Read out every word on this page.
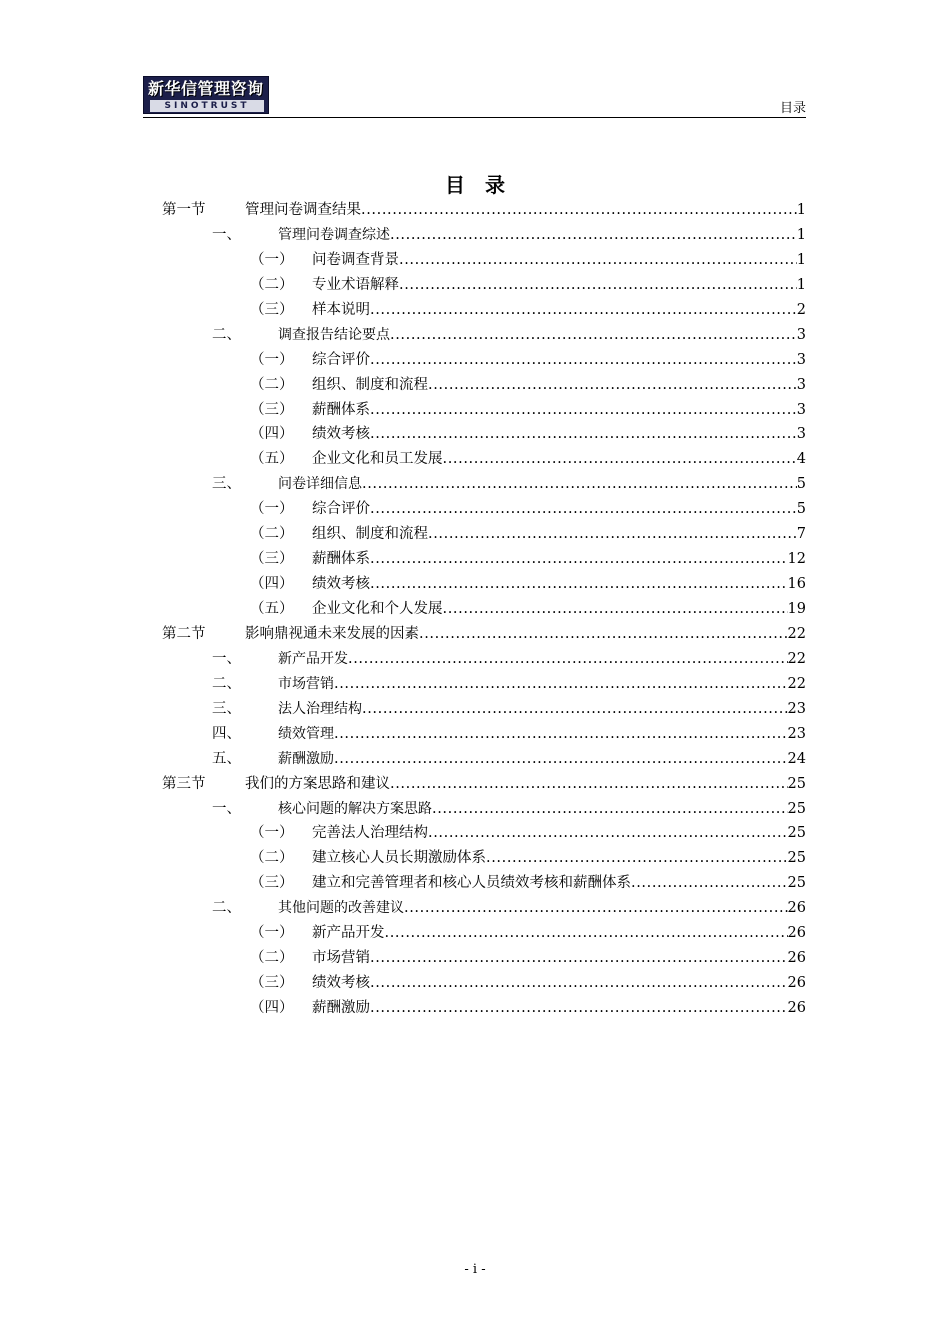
新华信管理咨询
SINOTRUST	目录
目录
第一节	管理问卷调查结果 .....	1
一、	管理问卷调查综述 .....	1
（一） 问卷调查背景 .....	1
（二） 专业术语解释 .....	1
（三） 样本说明 .....	2
二、	调查报告结论要点 .....	3
（一） 综合评价 .....	3
（二） 组织、制度和流程 .....	3
（三） 薪酬体系 .....	3
（四） 绩效考核 .....	3
（五） 企业文化和员工发展 .....	4
三、	问卷详细信息 .....	5
（一） 综合评价 .....	5
（二） 组织、制度和流程 .....	7
（三） 薪酬体系 .....	12
（四） 绩效考核 .....	16
（五） 企业文化和个人发展 .....	19
第二节	影响鼎视通未来发展的因素 .....	22
一、	新产品开发 .....	22
二、	市场营销 .....	22
三、	法人治理结构 .....	23
四、	绩效管理 .....	23
五、	薪酬激励 .....	24
第三节	我们的方案思路和建议 .....	25
一、	核心问题的解决方案思路 .....	25
（一） 完善法人治理结构 .....	25
（二） 建立核心人员长期激励体系 .....	25
（三） 建立和完善管理者和核心人员绩效考核和薪酬体系 .....	25
二、	其他问题的改善建议 .....	26
（一） 新产品开发 .....	26
（二） 市场营销 .....	26
（三） 绩效考核 .....	26
（四） 薪酬激励 .....	26
- i -
